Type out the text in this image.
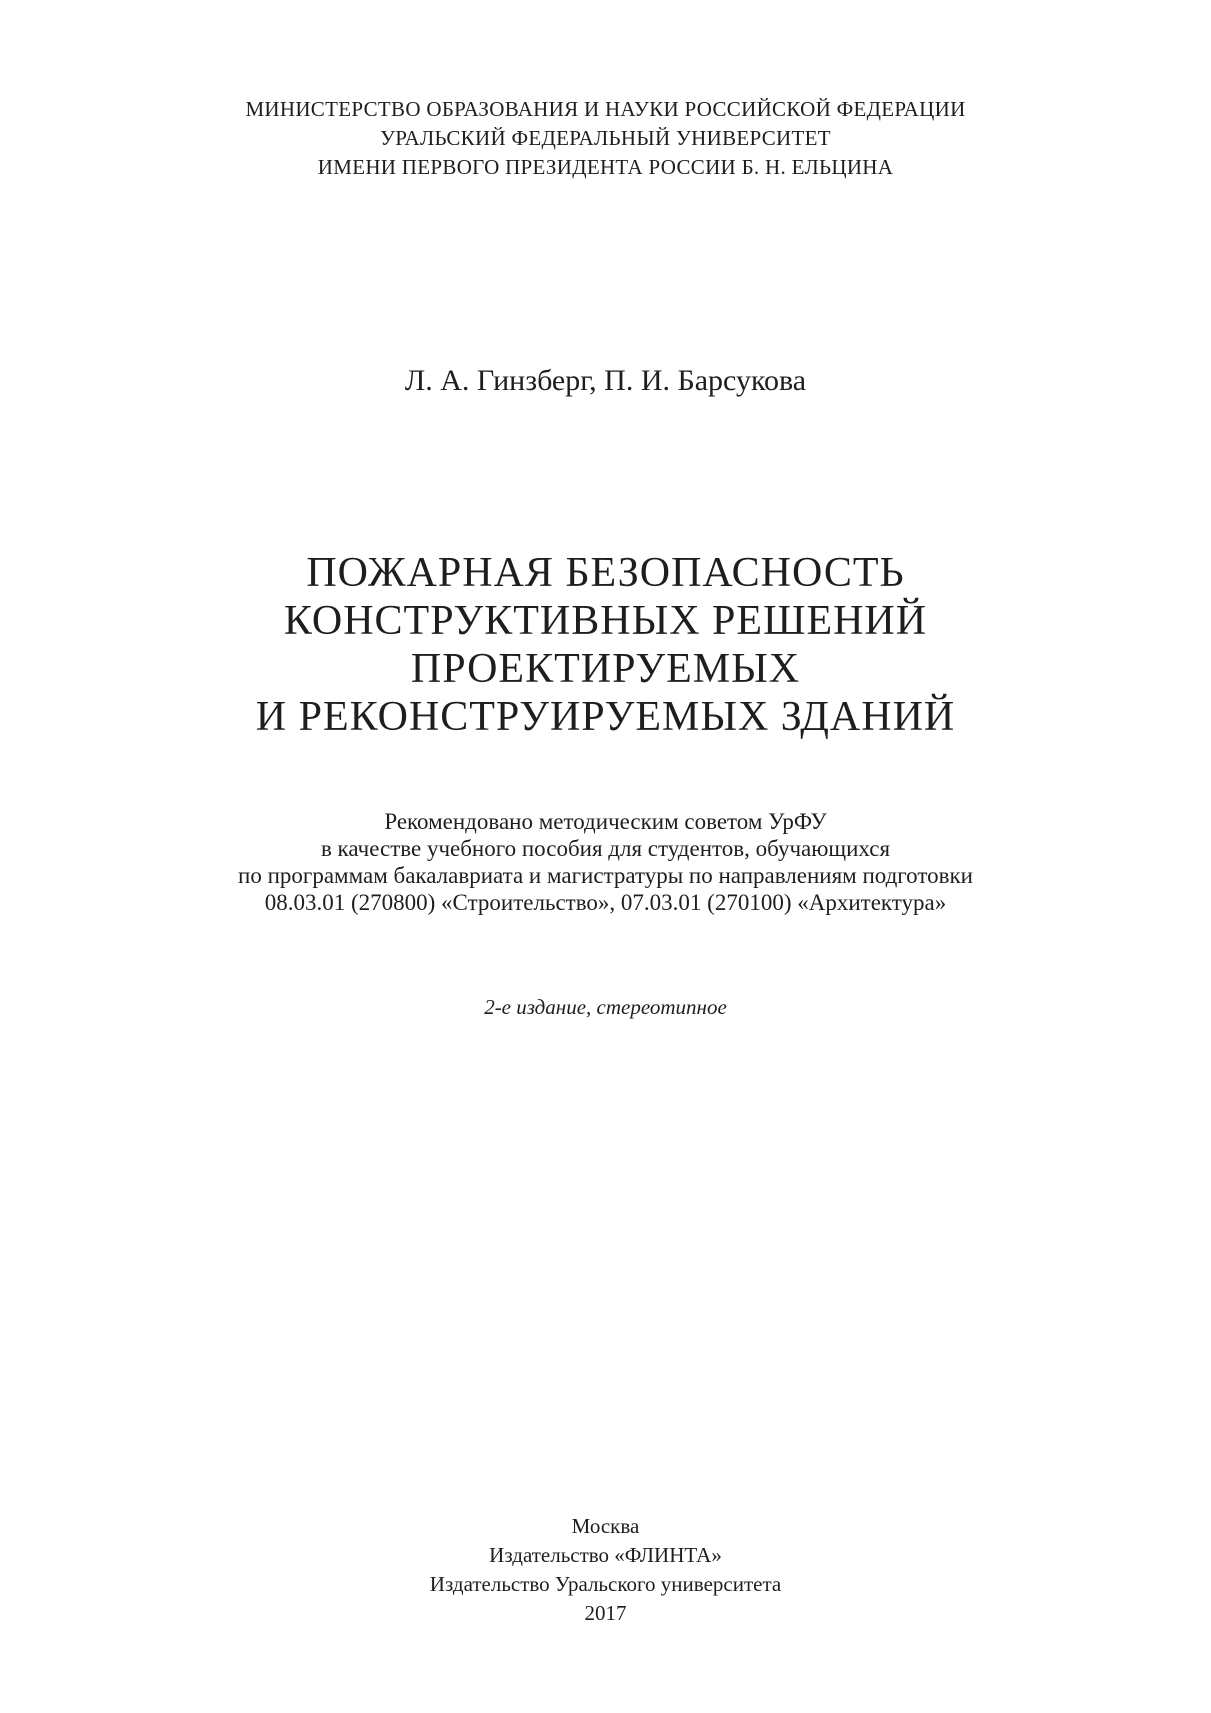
МИНИСТЕРСТВО ОБРАЗОВАНИЯ И НАУКИ РОССИЙСКОЙ ФЕДЕРАЦИИ
УРАЛЬСКИЙ ФЕДЕРАЛЬНЫЙ УНИВЕРСИТЕТ
ИМЕНИ ПЕРВОГО ПРЕЗИДЕНТА РОССИИ Б. Н. ЕЛЬЦИНА
Л. А. Гинзберг, П. И. Барсукова
ПОЖАРНАЯ БЕЗОПАСНОСТЬ
КОНСТРУКТИВНЫХ РЕШЕНИЙ
ПРОЕКТИРУЕМЫХ
И РЕКОНСТРУИРУЕМЫХ ЗДАНИЙ
Рекомендовано методическим советом УрФУ
в качестве учебного пособия для студентов, обучающихся
по программам бакалавриата и магистратуры по направлениям подготовки
08.03.01 (270800) «Строительство», 07.03.01 (270100) «Архитектура»
2-е издание, стереотипное
Москва
Издательство «ФЛИНТА»
Издательство Уральского университета
2017
